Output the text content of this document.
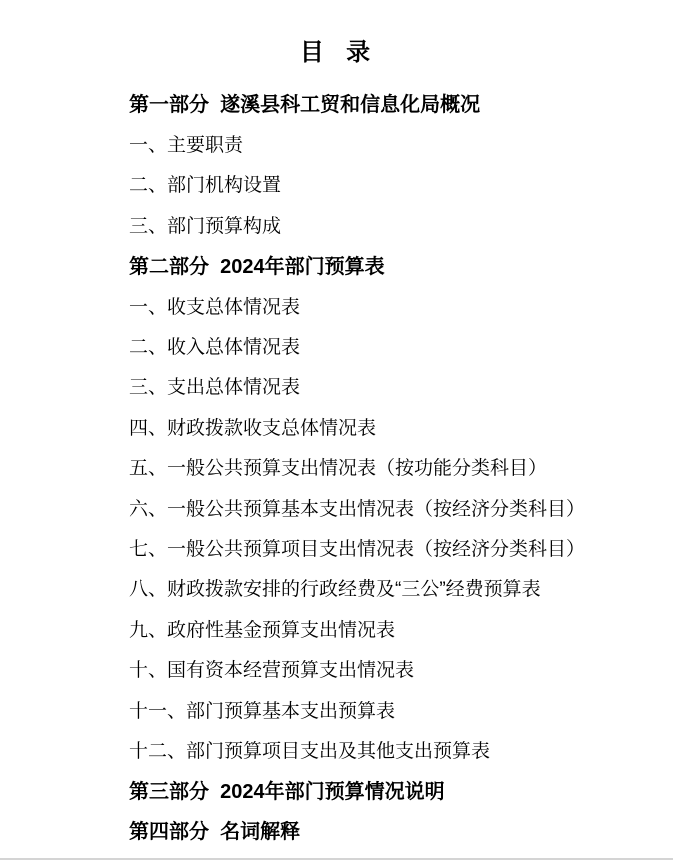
目  录
第一部分  遂溪县科工贸和信息化局概况
一、主要职责
二、部门机构设置
三、部门预算构成
第二部分  2024年部门预算表
一、收支总体情况表
二、收入总体情况表
三、支出总体情况表
四、财政拨款收支总体情况表
五、一般公共预算支出情况表（按功能分类科目）
六、一般公共预算基本支出情况表（按经济分类科目）
七、一般公共预算项目支出情况表（按经济分类科目）
八、财政拨款安排的行政经费及“三公”经费预算表
九、政府性基金预算支出情况表
十、国有资本经营预算支出情况表
十一、部门预算基本支出预算表
十二、部门预算项目支出及其他支出预算表
第三部分  2024年部门预算情况说明
第四部分  名词解释
